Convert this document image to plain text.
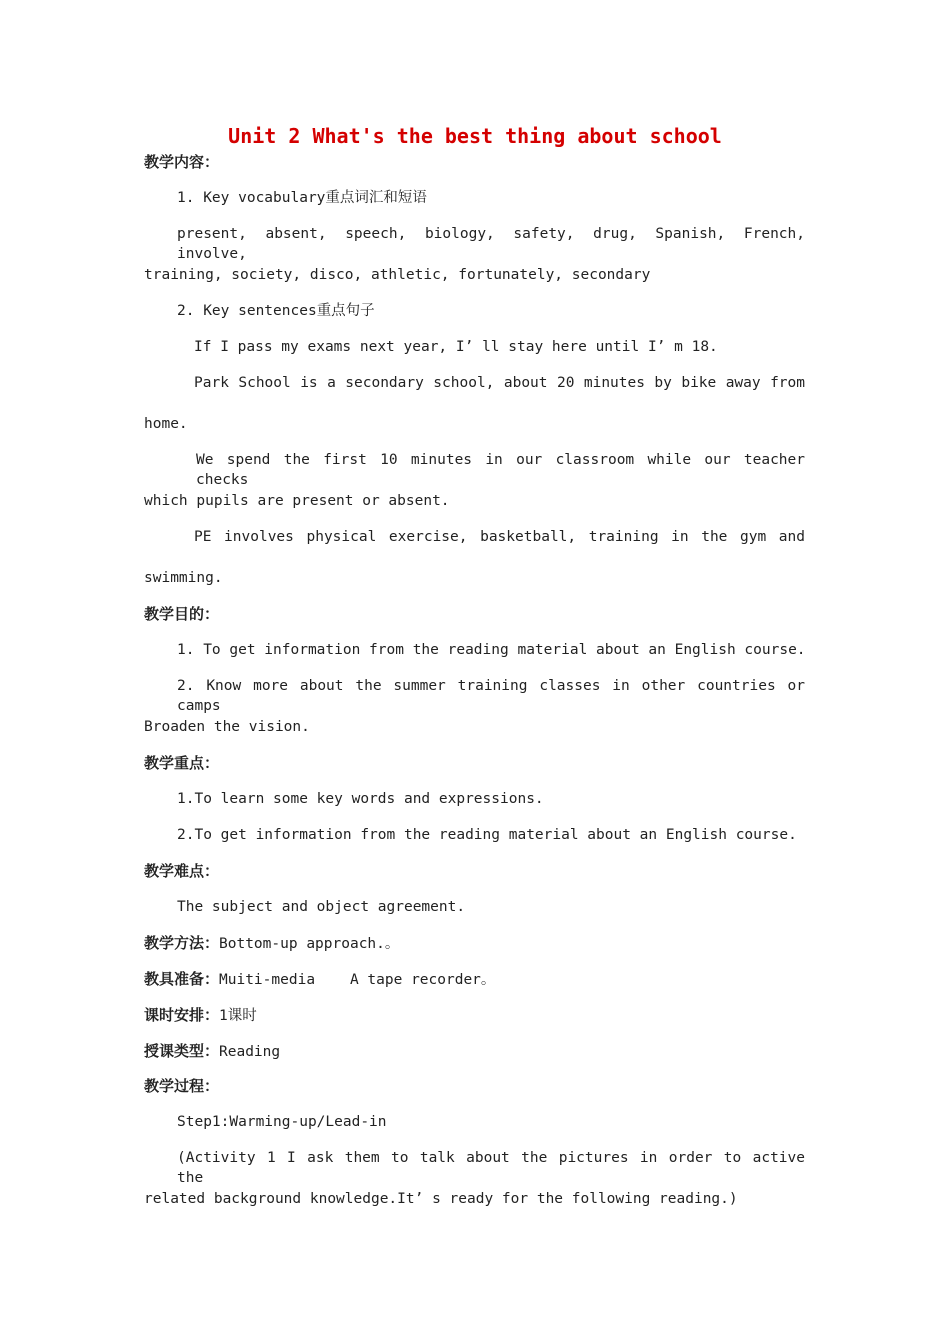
Unit 2 What's the best thing about school
教学内容：
1. Key vocabulary重点词汇和短语
present, absent, speech, biology, safety, drug, Spanish, French, involve,
training, society, disco, athletic, fortunately, secondary
2. Key sentences重点句子
If I pass my exams next year, I’ ll stay here until I’ m 18.
Park School is a secondary school, about 20 minutes by bike away from
home.
We spend the first 10 minutes in our classroom while our teacher checks
which pupils are present or absent.
PE involves physical exercise, basketball, training in the gym and
swimming.
教学目的：
1. To get information from the reading material about an English course.
2. Know more about the summer training classes in other countries or camps
Broaden the vision.
教学重点：
1.To learn some key words and expressions.
2.To get information from the reading material about an English course.
教学难点：
The subject and object agreement.
教学方法：Bottom-up approach.。
教具准备：Muiti-media    A tape recorder。
课时安排：1课时
授课类型：Reading
教学过程：
Step1:Warming-up/Lead-in
(Activity 1 I ask them to talk about the pictures in order to active the
related background knowledge.It’ s ready for the following reading.)
